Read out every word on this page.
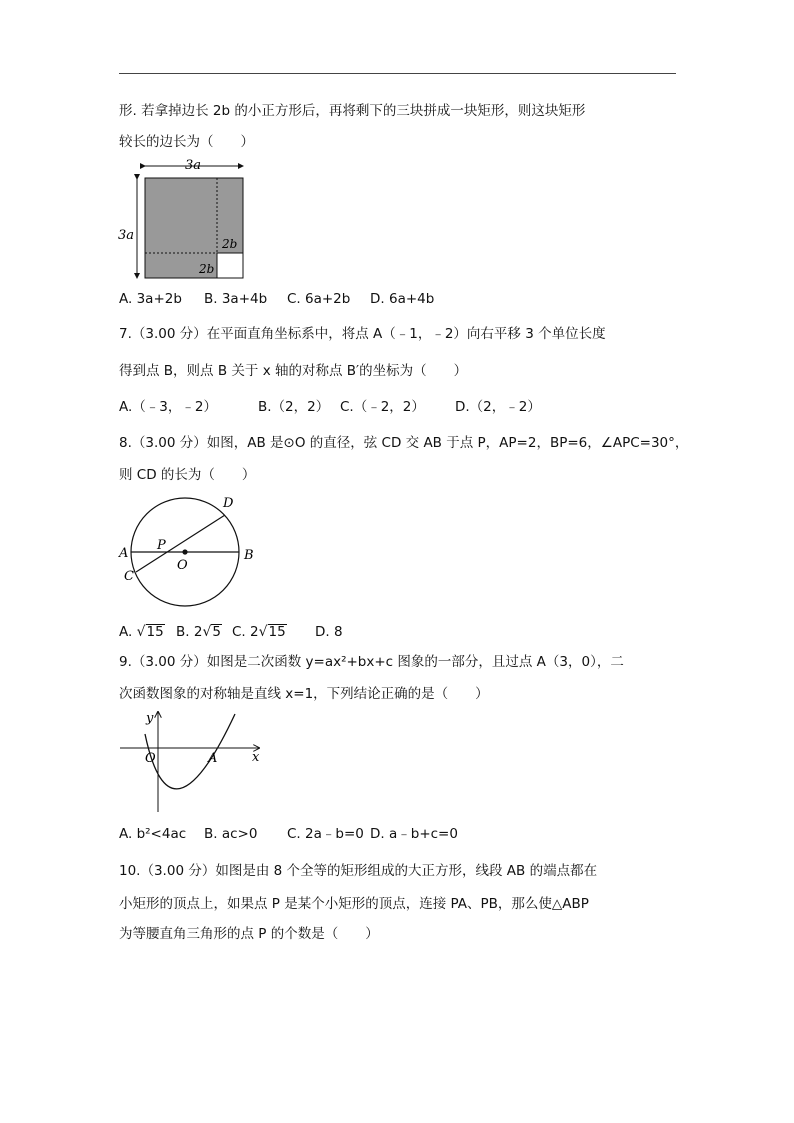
形. 若拿掉边长 2b 的小正方形后，再将剩下的三块拼成一块矩形，则这块矩形
较长的边长为（　　）
3a
3a
2b
2b
A. 3a+2b B. 3a+4b C. 6a+2b D. 6a+4b
7.（3.00 分）在平面直角坐标系中，将点 A（﹣1，﹣2）向右平移 3 个单位长度
得到点 B，则点 B 关于 x 轴的对称点 B′的坐标为（　　）
A.（﹣3，﹣2）	B.（2，2） C.（﹣2，2） D.（2，﹣2）
8.（3.00 分）如图，AB 是⊙O 的直径，弦 CD 交 AB 于点 P，AP=2，BP=6，∠APC=30°，
则 CD 的长为（　　）
A	B
C
D
P
O
A. √15 B. 2√5 C. 2√15 D. 8
9.（3.00 分）如图是二次函数 y=ax²+bx+c 图象的一部分，且过点 A（3，0），二
次函数图象的对称轴是直线 x=1，下列结论正确的是（　　）
y
x
O	A
A. b²<4ac B. ac>0 C. 2a﹣b=0 D. a﹣b+c=0
10.（3.00 分）如图是由 8 个全等的矩形组成的大正方形，线段 AB 的端点都在
小矩形的顶点上，如果点 P 是某个小矩形的顶点，连接 PA、PB，那么使△ABP
为等腰直角三角形的点 P 的个数是（　　）
